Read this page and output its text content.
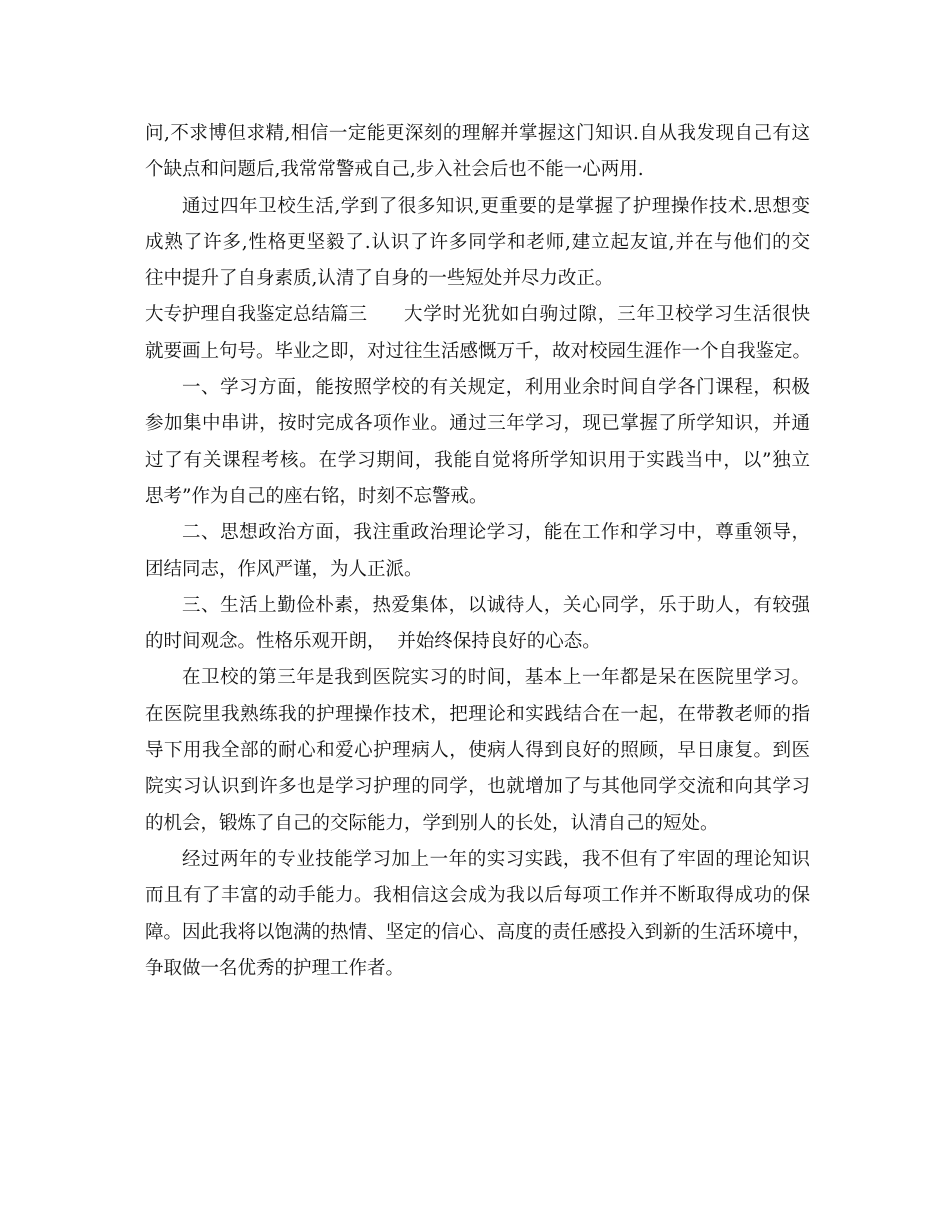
问,不求博但求精,相信一定能更深刻的理解并掌握这门知识.自从我发现自己有这
个缺点和问题后,我常常警戒自己,步入社会后也不能一心两用.
通过四年卫校生活,学到了很多知识,更重要的是掌握了护理操作技术.思想变
成熟了许多,性格更坚毅了.认识了许多同学和老师,建立起友谊,并在与他们的交
往中提升了自身素质,认清了自身的一些短处并尽力改正。
大专护理自我鉴定总结篇三 大学时光犹如白驹过隙，三年卫校学习生活很快
就要画上句号。毕业之即，对过往生活感慨万千，故对校园生涯作一个自我鉴定。
一、学习方面，能按照学校的有关规定，利用业余时间自学各门课程，积极
参加集中串讲，按时完成各项作业。通过三年学习，现已掌握了所学知识，并通
过了有关课程考核。在学习期间，我能自觉将所学知识用于实践当中，以”独立
思考”作为自己的座右铭，时刻不忘警戒。
二、思想政治方面，我注重政治理论学习，能在工作和学习中，尊重领导，
团结同志，作风严谨，为人正派。
三、生活上勤俭朴素，热爱集体，以诚待人，关心同学，乐于助人，有较强
的时间观念。性格乐观开朗，  并始终保持良好的心态。
在卫校的第三年是我到医院实习的时间，基本上一年都是呆在医院里学习。
在医院里我熟练我的护理操作技术，把理论和实践结合在一起，在带教老师的指
导下用我全部的耐心和爱心护理病人，使病人得到良好的照顾，早日康复。到医
院实习认识到许多也是学习护理的同学，也就增加了与其他同学交流和向其学习
的机会，锻炼了自己的交际能力，学到别人的长处，认清自己的短处。
经过两年的专业技能学习加上一年的实习实践，我不但有了牢固的理论知识
而且有了丰富的动手能力。我相信这会成为我以后每项工作并不断取得成功的保
障。因此我将以饱满的热情、坚定的信心、高度的责任感投入到新的生活环境中，
争取做一名优秀的护理工作者。
